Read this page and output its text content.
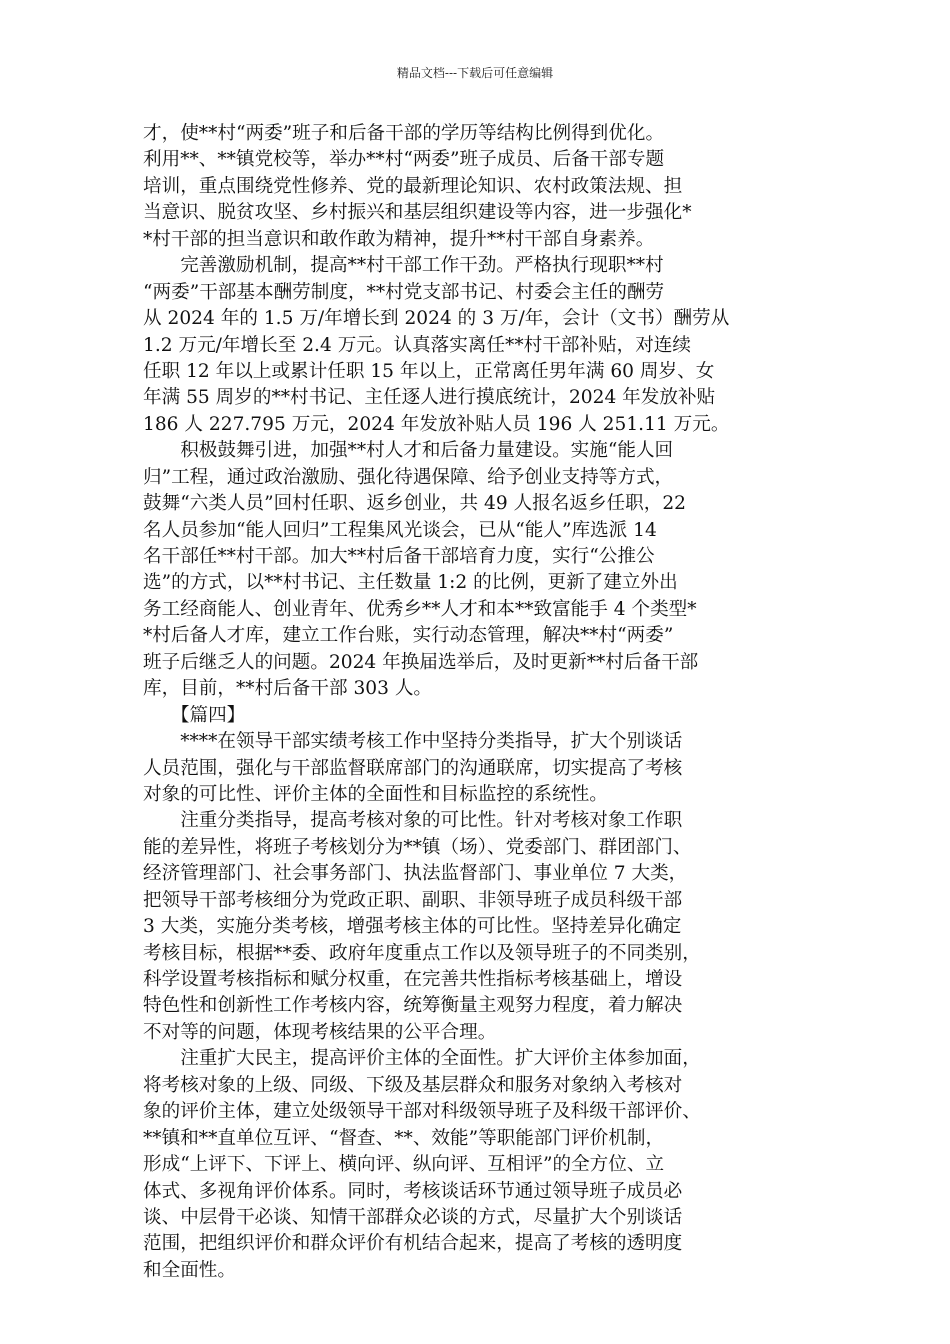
精品文档---下载后可任意编辑
才，使**村“两委”班子和后备干部的学历等结构比例得到优化。
利用**、**镇党校等，举办**村“两委”班子成员、后备干部专题
培训，重点围绕党性修养、党的最新理论知识、农村政策法规、担
当意识、脱贫攻坚、乡村振兴和基层组织建设等内容，进一步强化*
*村干部的担当意识和敢作敢为精神，提升**村干部自身素养。
　　完善激励机制，提高**村干部工作干劲。严格执行现职**村
“两委”干部基本酬劳制度，**村党支部书记、村委会主任的酬劳
从 2024 年的 1.5 万/年增长到 2024 的 3 万/年，会计（文书）酬劳从
1.2 万元/年增长至 2.4 万元。认真落实离任**村干部补贴，对连续
任职 12 年以上或累计任职 15 年以上，正常离任男年满 60 周岁、女
年满 55 周岁的**村书记、主任逐人进行摸底统计，2024 年发放补贴
186 人 227.795 万元，2024 年发放补贴人员 196 人 251.11 万元。
　　积极鼓舞引进，加强**村人才和后备力量建设。实施“能人回
归”工程，通过政治激励、强化待遇保障、给予创业支持等方式，
鼓舞“六类人员”回村任职、返乡创业，共 49 人报名返乡任职，22
名人员参加“能人回归”工程集风光谈会，已从“能人”库选派 14
名干部任**村干部。加大**村后备干部培育力度，实行“公推公
选”的方式，以**村书记、主任数量 1:2 的比例，更新了建立外出
务工经商能人、创业青年、优秀乡**人才和本**致富能手 4 个类型*
*村后备人才库，建立工作台账，实行动态管理，解决**村“两委”
班子后继乏人的问题。2024 年换届选举后，及时更新**村后备干部
库，目前，**村后备干部 303 人。
　　【篇四】
　　****在领导干部实绩考核工作中坚持分类指导，扩大个别谈话
人员范围，强化与干部监督联席部门的沟通联席，切实提高了考核
对象的可比性、评价主体的全面性和目标监控的系统性。
　　注重分类指导，提高考核对象的可比性。针对考核对象工作职
能的差异性，将班子考核划分为**镇（场）、党委部门、群团部门、
经济管理部门、社会事务部门、执法监督部门、事业单位 7 大类，
把领导干部考核细分为党政正职、副职、非领导班子成员科级干部
3 大类，实施分类考核，增强考核主体的可比性。坚持差异化确定
考核目标，根据**委、政府年度重点工作以及领导班子的不同类别，
科学设置考核指标和赋分权重，在完善共性指标考核基础上，增设
特色性和创新性工作考核内容，统筹衡量主观努力程度，着力解决
不对等的问题，体现考核结果的公平合理。
　　注重扩大民主，提高评价主体的全面性。扩大评价主体参加面，
将考核对象的上级、同级、下级及基层群众和服务对象纳入考核对
象的评价主体，建立处级领导干部对科级领导班子及科级干部评价、
**镇和**直单位互评、“督查、**、效能”等职能部门评价机制，
形成“上评下、下评上、横向评、纵向评、互相评”的全方位、立
体式、多视角评价体系。同时，考核谈话环节通过领导班子成员必
谈、中层骨干必谈、知情干部群众必谈的方式，尽量扩大个别谈话
范围，把组织评价和群众评价有机结合起来，提高了考核的透明度
和全面性。
